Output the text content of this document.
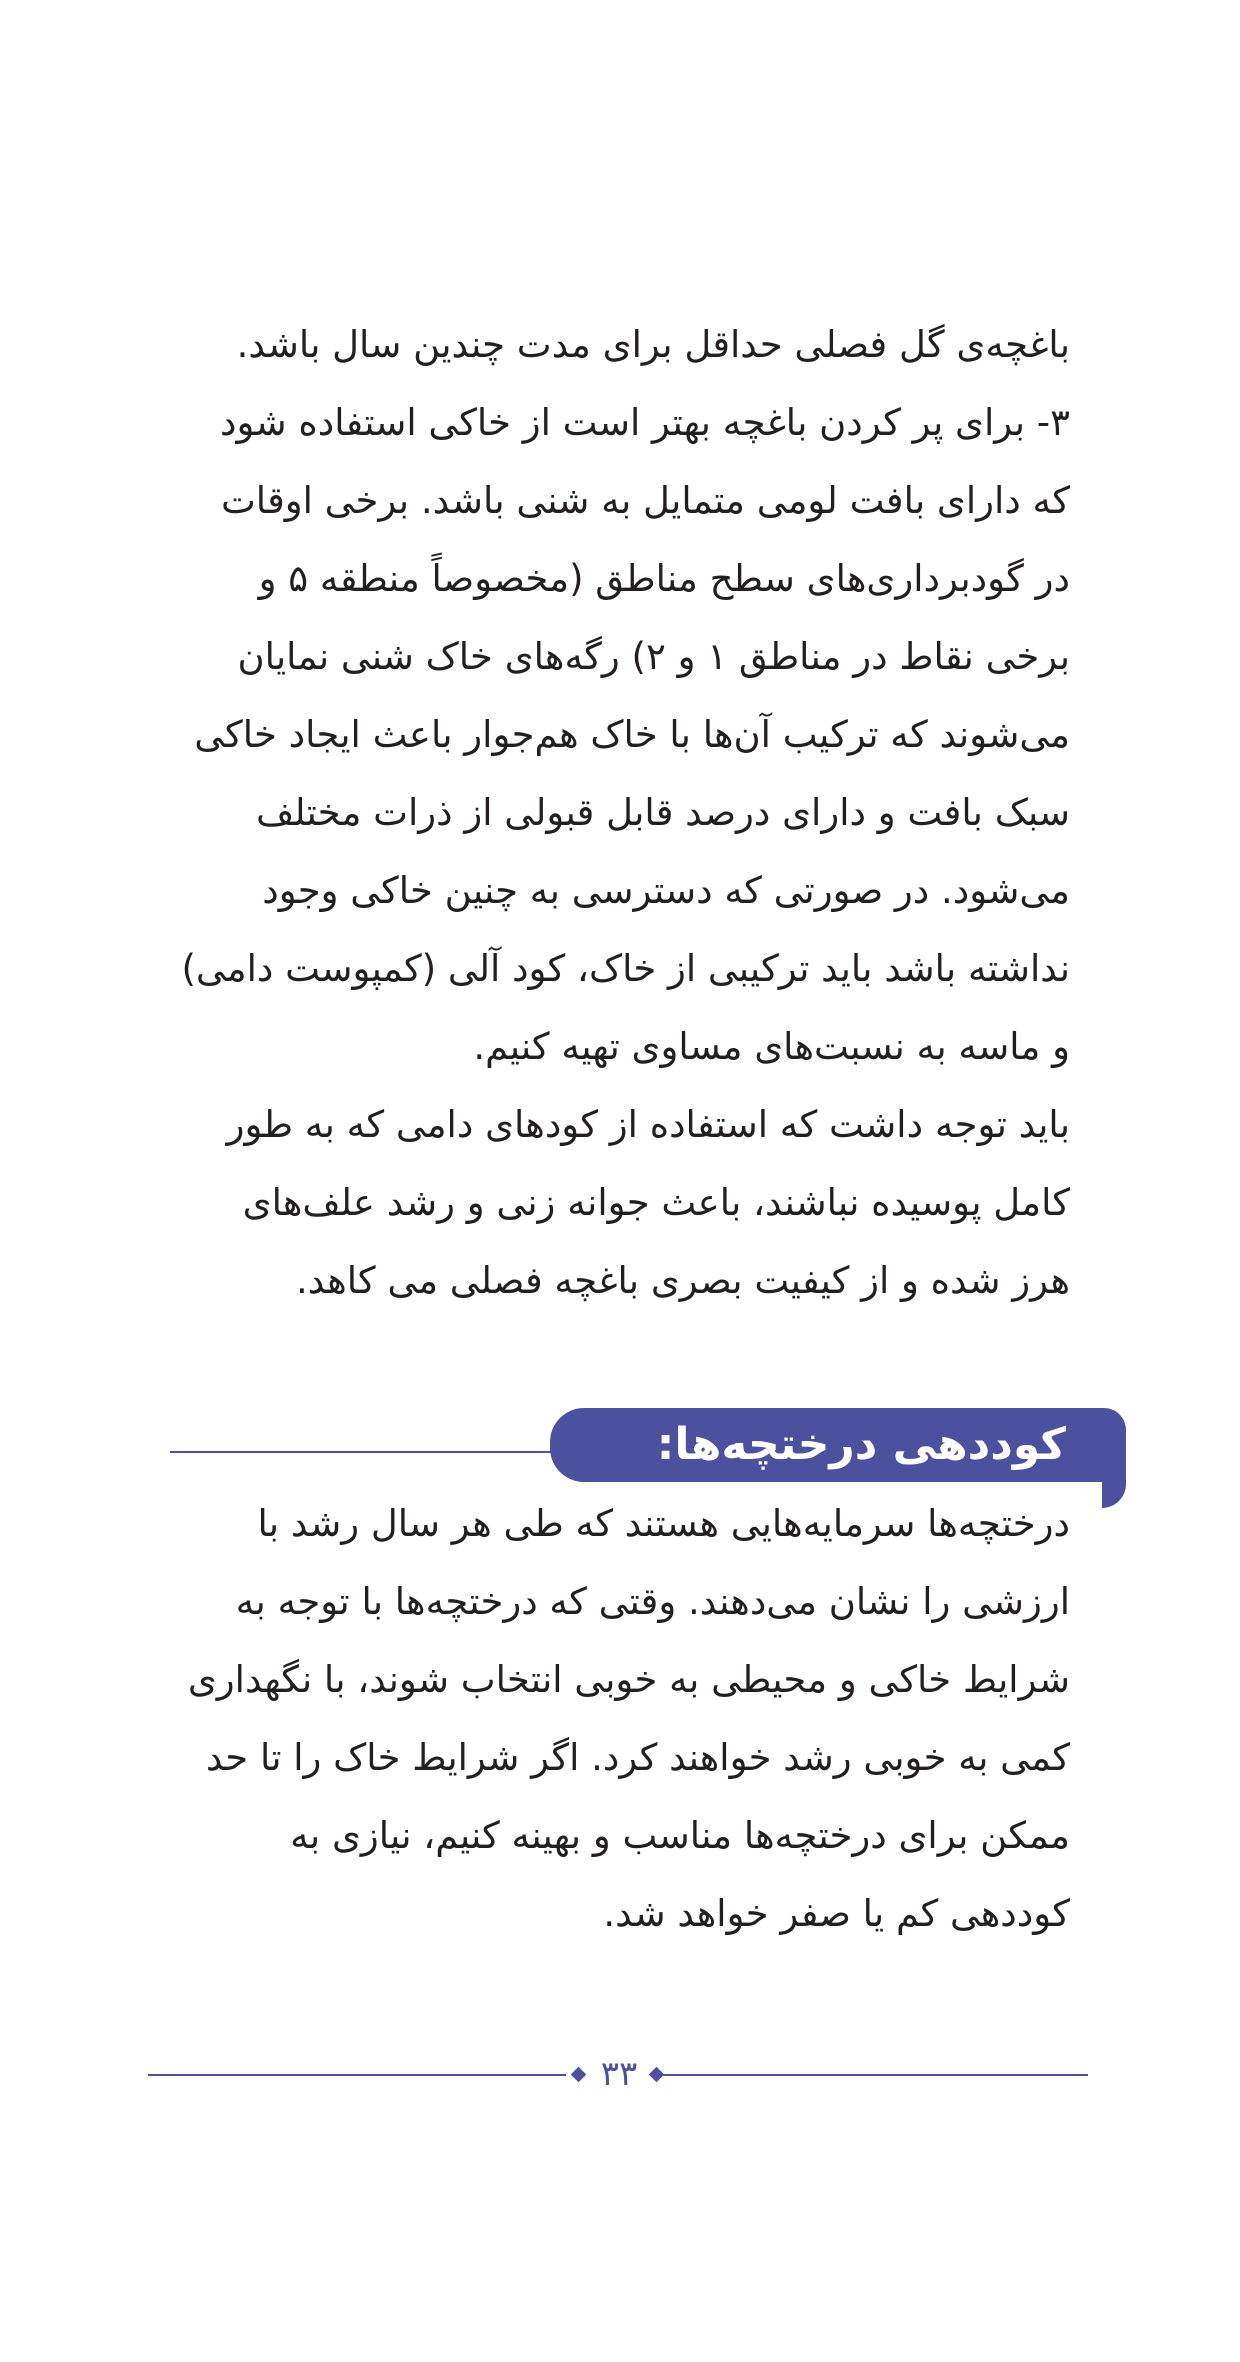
باغچه‌ی گل فصلی حداقل برای مدت چندین سال باشد.

۳- برای پر کردن باغچه بهتر است از خاکی استفاده شود که دارای بافت لومی متمایل به شنی باشد. برخی اوقات در گودبرداری‌های سطح مناطق (مخصوصاً منطقه ۵ و برخی نقاط در مناطق ۱ و ۲) رگه‌های خاک شنی نمایان می‌شوند که ترکیب آن‌ها با خاک هم‌جوار باعث ایجاد خاکی سبک بافت و دارای درصد قابل قبولی از ذرات مختلف می‌شود. در صورتی که دسترسی به چنین خاکی وجود نداشته باشد باید ترکیبی از خاک، کود آلی (کمپوست دامی) و ماسه به نسبت‌های مساوی تهیه کنیم.

باید توجه داشت که استفاده از کودهای دامی که به طور کامل پوسیده نباشند، باعث جوانه زنی و رشد علف‌های هرز شده و از کیفیت بصری باغچه فصلی می کاهد.

کوددهی درختچه‌ها:

درختچه‌ها سرمایه‌هایی هستند که طی هر سال رشد با ارزشی را نشان می‌دهند. وقتی که درختچه‌ها با توجه به شرایط خاکی و محیطی به خوبی انتخاب شوند، با نگهداری کمی به خوبی رشد خواهند کرد. اگر شرایط خاک را تا حد ممکن برای درختچه‌ها مناسب و بهینه کنیم، نیازی به کوددهی کم یا صفر خواهد شد.

۳۳
